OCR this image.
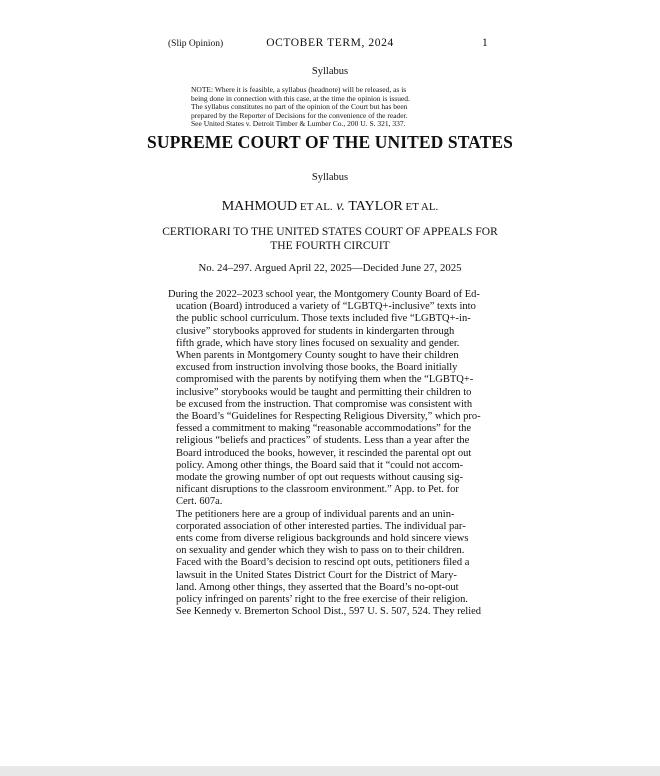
(Slip Opinion)	OCTOBER TERM, 2024	1
Syllabus
NOTE: Where it is feasible, a syllabus (headnote) will be released, as is
being done in connection with this case, at the time the opinion is issued.
The syllabus constitutes no part of the opinion of the Court but has been
prepared by the Reporter of Decisions for the convenience of the reader.
See United States v. Detroit Timber & Lumber Co., 200 U. S. 321, 337.
SUPREME COURT OF THE UNITED STATES
Syllabus
MAHMOUD ET AL. v. TAYLOR ET AL.
CERTIORARI TO THE UNITED STATES COURT OF APPEALS FOR
THE FOURTH CIRCUIT
No. 24–297. Argued April 22, 2025—Decided June 27, 2025
During the 2022–2023 school year, the Montgomery County Board of Ed-
ucation (Board) introduced a variety of “LGBTQ+-inclusive” texts into
the public school curriculum. Those texts included five “LGBTQ+-in-
clusive” storybooks approved for students in kindergarten through
fifth grade, which have story lines focused on sexuality and gender.
When parents in Montgomery County sought to have their children
excused from instruction involving those books, the Board initially
compromised with the parents by notifying them when the “LGBTQ+-
inclusive” storybooks would be taught and permitting their children to
be excused from the instruction. That compromise was consistent with
the Board’s “Guidelines for Respecting Religious Diversity,” which pro-
fessed a commitment to making “reasonable accommodations” for the
religious “beliefs and practices” of students. Less than a year after the
Board introduced the books, however, it rescinded the parental opt out
policy. Among other things, the Board said that it “could not accom-
modate the growing number of opt out requests without causing sig-
nificant disruptions to the classroom environment.” App. to Pet. for
Cert. 607a.
The petitioners here are a group of individual parents and an unin-
corporated association of other interested parties. The individual par-
ents come from diverse religious backgrounds and hold sincere views
on sexuality and gender which they wish to pass on to their children.
Faced with the Board’s decision to rescind opt outs, petitioners filed a
lawsuit in the United States District Court for the District of Mary-
land. Among other things, they asserted that the Board’s no-opt-out
policy infringed on parents’ right to the free exercise of their religion.
See Kennedy v. Bremerton School Dist., 597 U. S. 507, 524. They relied
